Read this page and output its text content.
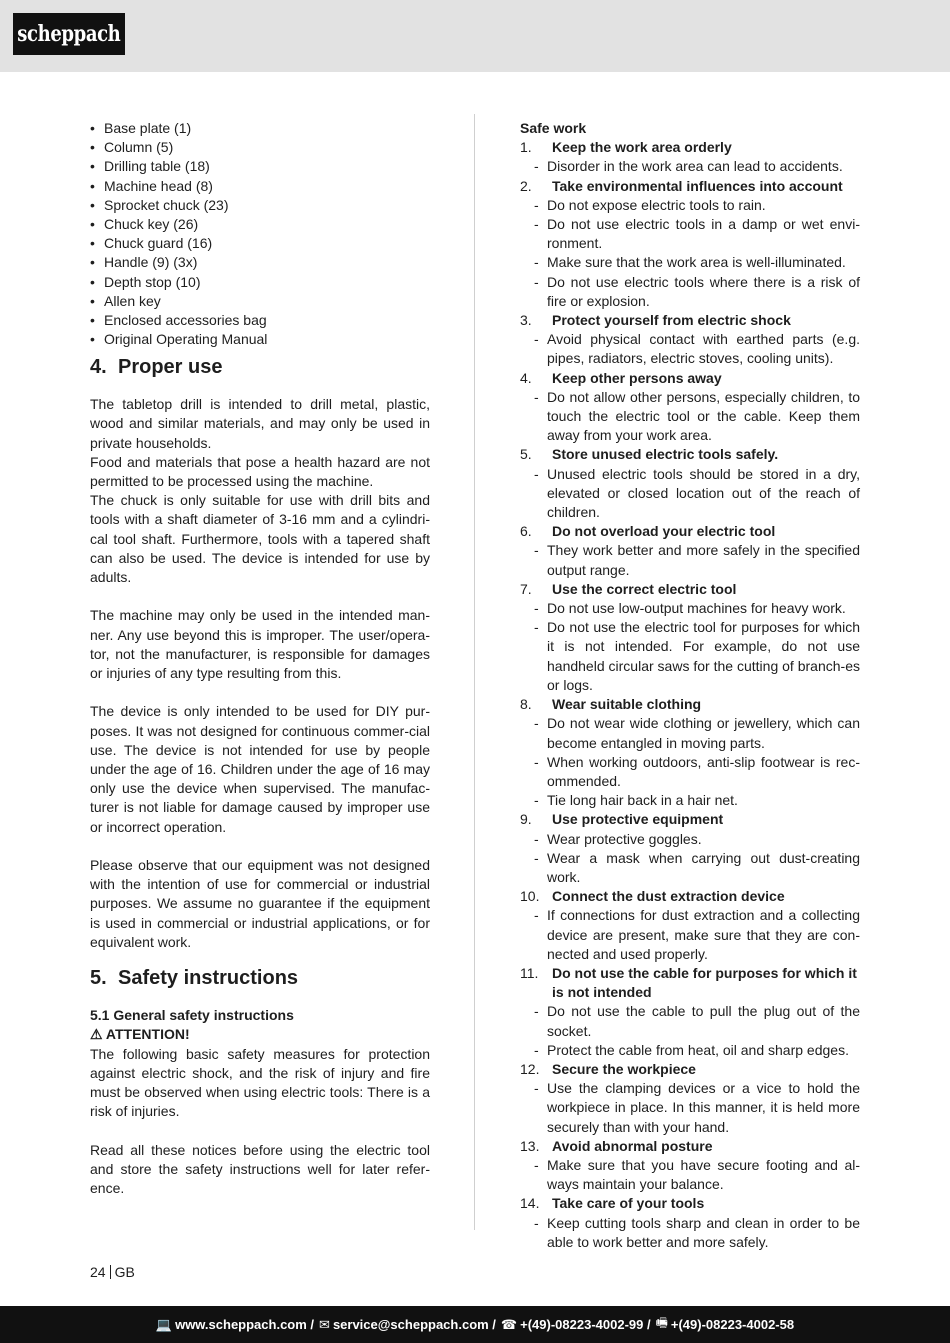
scheppach
• Base plate (1)
• Column (5)
• Drilling table (18)
• Machine head (8)
• Sprocket chuck (23)
• Chuck key (26)
• Chuck guard (16)
• Handle (9) (3x)
• Depth stop (10)
• Allen key
• Enclosed accessories bag
• Original Operating Manual
4. Proper use

The tabletop drill is intended to drill metal, plastic, wood and similar materials, and may only be used in private households.

Food and materials that pose a health hazard are not permitted to be processed using the machine.

The chuck is only suitable for use with drill bits and tools with a shaft diameter of 3-16 mm and a cylindri-cal tool shaft. Furthermore, tools with a tapered shaft can also be used. The device is intended for use by adults.

The machine may only be used in the intended man-ner. Any use beyond this is improper. The user/opera-tor, not the manufacturer, is responsible for damages or injuries of any type resulting from this.

The device is only intended to be used for DIY pur-poses. It was not designed for continuous commer-cial use. The device is not intended for use by people under the age of 16. Children under the age of 16 may only use the device when supervised. The manufac-turer is not liable for damage caused by improper use or incorrect operation.

Please observe that our equipment was not designed with the intention of use for commercial or industrial purposes. We assume no guarantee if the equipment is used in commercial or industrial applications, or for equivalent work.

5. Safety instructions

5.1 General safety instructions

⚠ ATTENTION!

The following basic safety measures for protection against electric shock, and the risk of injury and fire must be observed when using electric tools: There is a risk of injuries.

Read all these notices before using the electric tool and store the safety instructions well for later refer-ence.

Safe work

1.	Keep the work area orderly
- Disorder in the work area can lead to accidents.
2.	Take environmental influences into account
- Do not expose electric tools to rain.
- Do not use electric tools in a damp or wet envi-ronment.
- Make sure that the work area is well-illuminated.
- Do not use electric tools where there is a risk of fire or explosion.
3.	Protect yourself from electric shock
- Avoid physical contact with earthed parts (e.g. pipes, radiators, electric stoves, cooling units).
4.	Keep other persons away
- Do not allow other persons, especially children, to touch the electric tool or the cable. Keep them away from your work area.
5.	Store unused electric tools safely.
- Unused electric tools should be stored in a dry, elevated or closed location out of the reach of children.
6.	Do not overload your electric tool
- They work better and more safely in the specified output range.
7.	Use the correct electric tool
- Do not use low-output machines for heavy work.
- Do not use the electric tool for purposes for which it is not intended. For example, do not use handheld circular saws for the cutting of branch-es or logs.
8.	Wear suitable clothing
- Do not wear wide clothing or jewellery, which can become entangled in moving parts.
- When working outdoors, anti-slip footwear is rec-ommended.
- Tie long hair back in a hair net.
9.	Use protective equipment
- Wear protective goggles.
- Wear a mask when carrying out dust-creating work.
10. Connect the dust extraction device
- If connections for dust extraction and a collecting device are present, make sure that they are con-nected and used properly.
11. Do not use the cable for purposes for which it is not intended
- Do not use the cable to pull the plug out of the socket.
- Protect the cable from heat, oil and sharp edges.
12. Secure the workpiece
- Use the clamping devices or a vice to hold the workpiece in place. In this manner, it is held more securely than with your hand.
13. Avoid abnormal posture
- Make sure that you have secure footing and al-ways maintain your balance.
14. Take care of your tools
- Keep cutting tools sharp and clean in order to be able to work better and more safely.
24 GB
💻 www.scheppach.com / ✉ service@scheppach.com / ☎ +(49)-08223-4002-99 / 🖷 +(49)-08223-4002-58
